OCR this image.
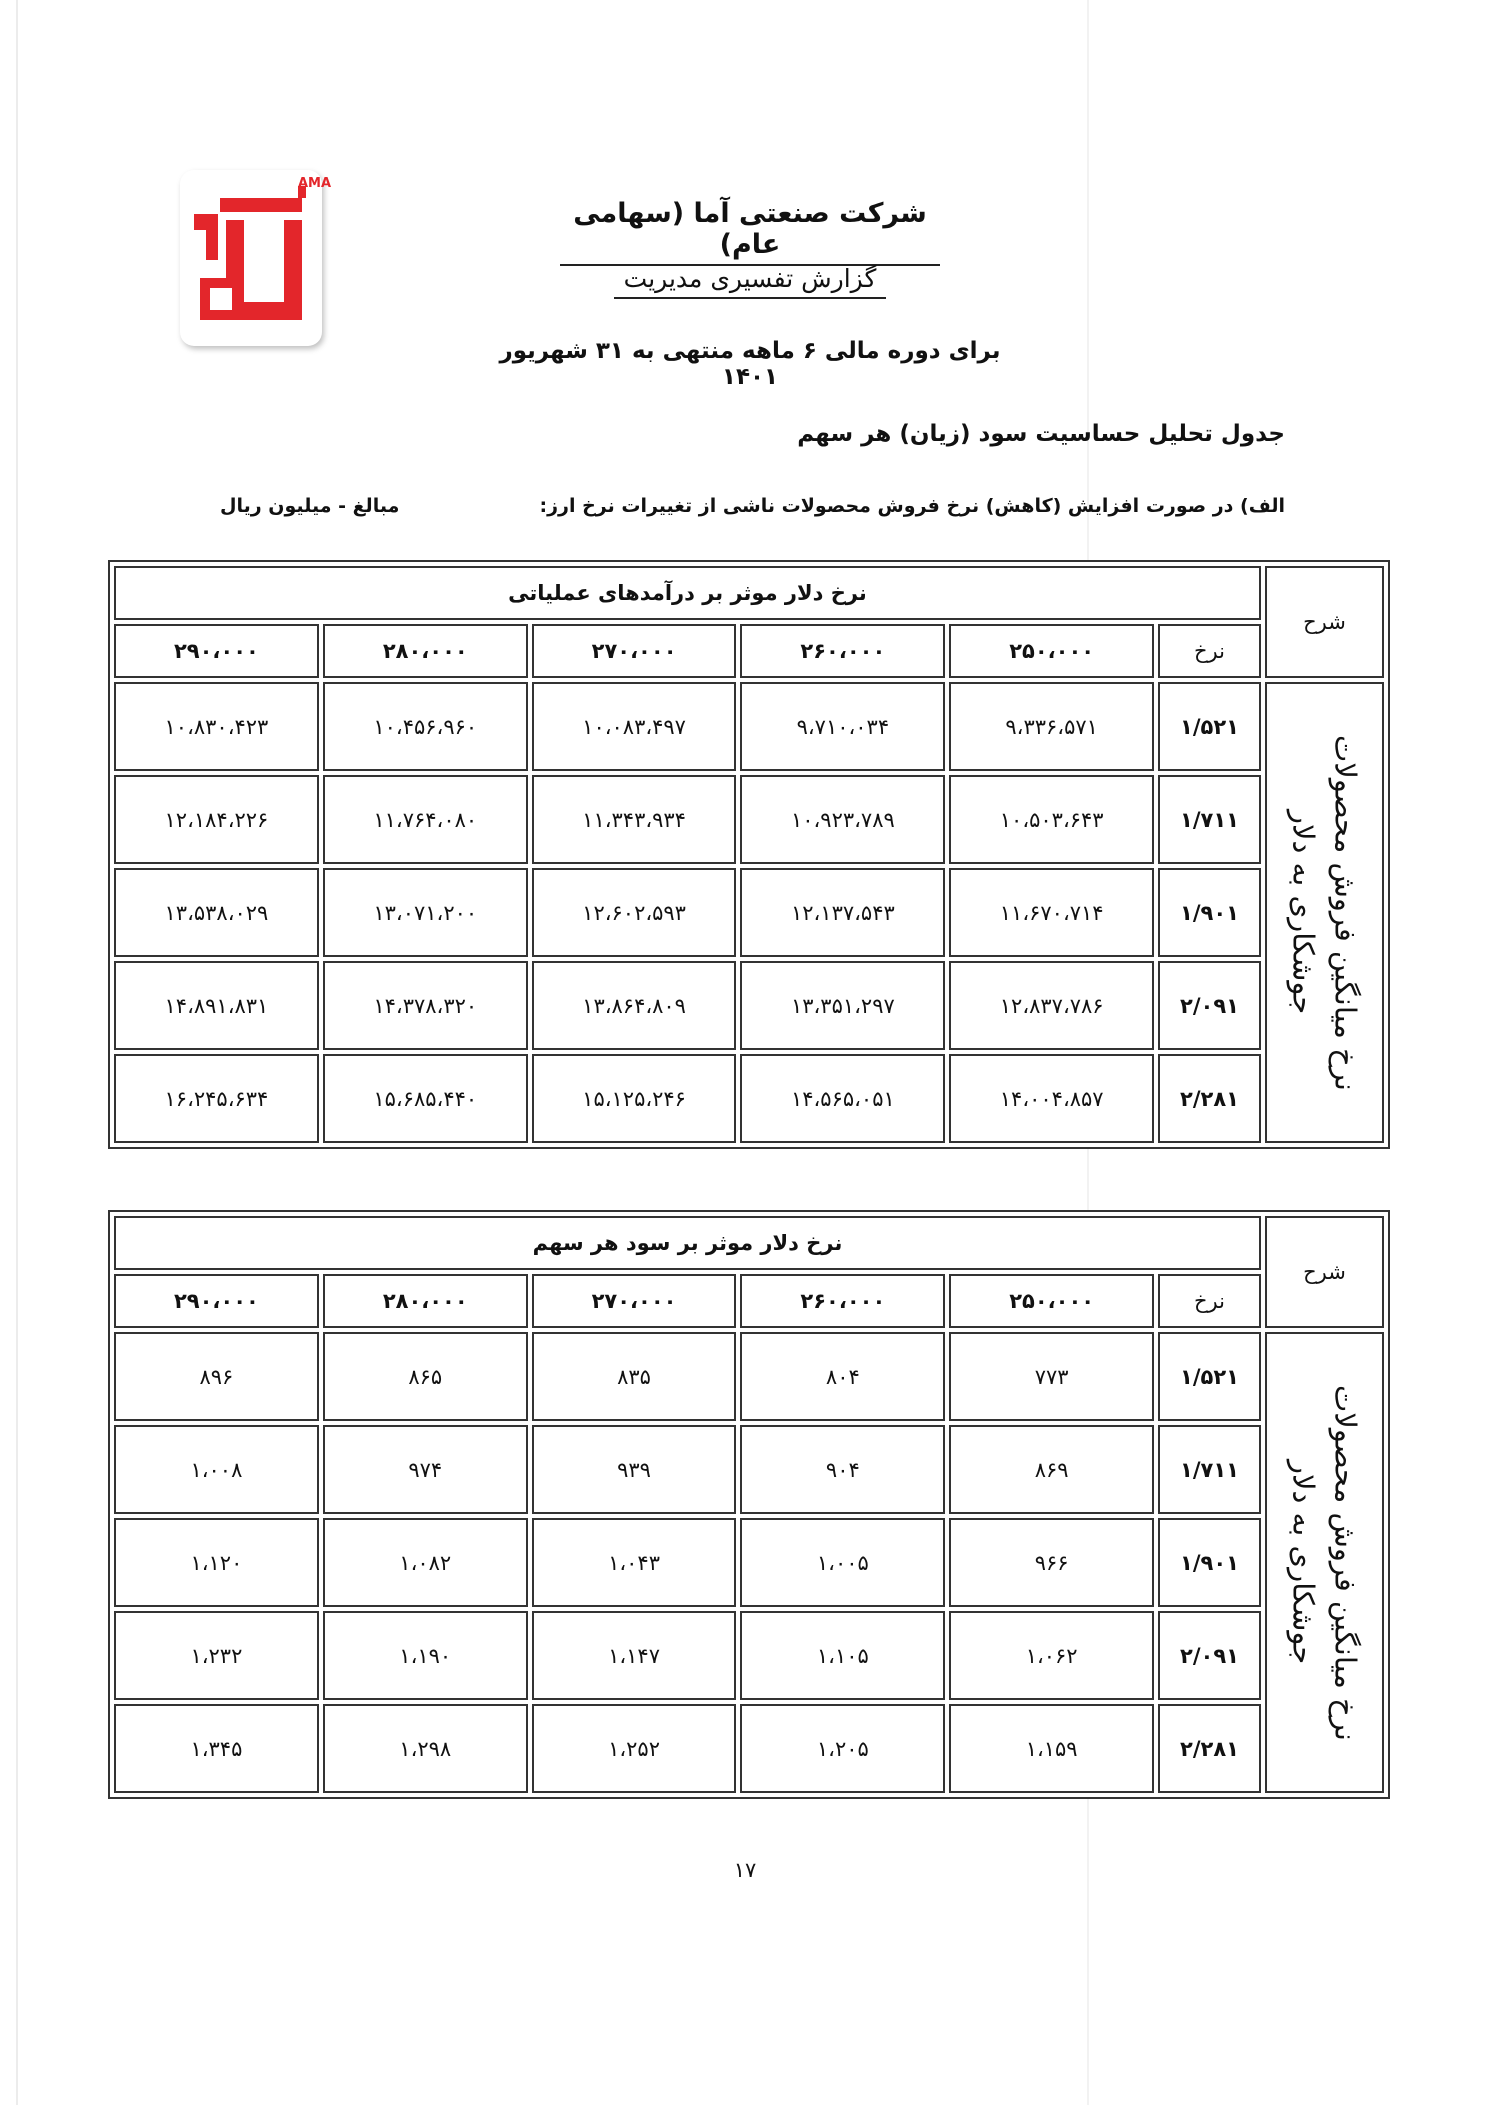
AMA
شرکت صنعتی آما (سهامی عام)
گزارش تفسیری مدیریت
برای دوره مالی ۶ ماهه منتهی به ۳۱ شهریور ۱۴۰۱
جدول تحلیل حساسیت سود (زیان) هر سهم
الف) در صورت افزایش (کاهش) نرخ فروش محصولات ناشی از تغییرات نرخ ارز:
مبالغ - میلیون ریال
شرح	نرخ دلار موثر بر درآمدهای عملیاتی					
	نرخ	۲۵۰،۰۰۰	۲۶۰،۰۰۰	۲۷۰،۰۰۰	۲۸۰،۰۰۰	۲۹۰،۰۰۰

نرخ میانگین فروش محصولات
جوشکاری به دلار	۱/۵۲۱	۹،۳۳۶،۵۷۱	۹،۷۱۰،۰۳۴	۱۰،۰۸۳،۴۹۷	۱۰،۴۵۶،۹۶۰	۱۰،۸۳۰،۴۲۳
	۱/۷۱۱	۱۰،۵۰۳،۶۴۳	۱۰،۹۲۳،۷۸۹	۱۱،۳۴۳،۹۳۴	۱۱،۷۶۴،۰۸۰	۱۲،۱۸۴،۲۲۶
	۱/۹۰۱	۱۱،۶۷۰،۷۱۴	۱۲،۱۳۷،۵۴۳	۱۲،۶۰۲،۵۹۳	۱۳،۰۷۱،۲۰۰	۱۳،۵۳۸،۰۲۹
	۲/۰۹۱	۱۲،۸۳۷،۷۸۶	۱۳،۳۵۱،۲۹۷	۱۳،۸۶۴،۸۰۹	۱۴،۳۷۸،۳۲۰	۱۴،۸۹۱،۸۳۱
	۲/۲۸۱	۱۴،۰۰۴،۸۵۷	۱۴،۵۶۵،۰۵۱	۱۵،۱۲۵،۲۴۶	۱۵،۶۸۵،۴۴۰	۱۶،۲۴۵،۶۳۴
شرح	نرخ دلار موثر بر سود هر سهم					
	نرخ	۲۵۰،۰۰۰	۲۶۰،۰۰۰	۲۷۰،۰۰۰	۲۸۰،۰۰۰	۲۹۰،۰۰۰

نرخ میانگین فروش محصولات
جوشکاری به دلار	۱/۵۲۱	۷۷۳	۸۰۴	۸۳۵	۸۶۵	۸۹۶
	۱/۷۱۱	۸۶۹	۹۰۴	۹۳۹	۹۷۴	۱،۰۰۸
	۱/۹۰۱	۹۶۶	۱،۰۰۵	۱،۰۴۳	۱،۰۸۲	۱،۱۲۰
	۲/۰۹۱	۱،۰۶۲	۱،۱۰۵	۱،۱۴۷	۱،۱۹۰	۱،۲۳۲
	۲/۲۸۱	۱،۱۵۹	۱،۲۰۵	۱،۲۵۲	۱،۲۹۸	۱،۳۴۵
۱۷
